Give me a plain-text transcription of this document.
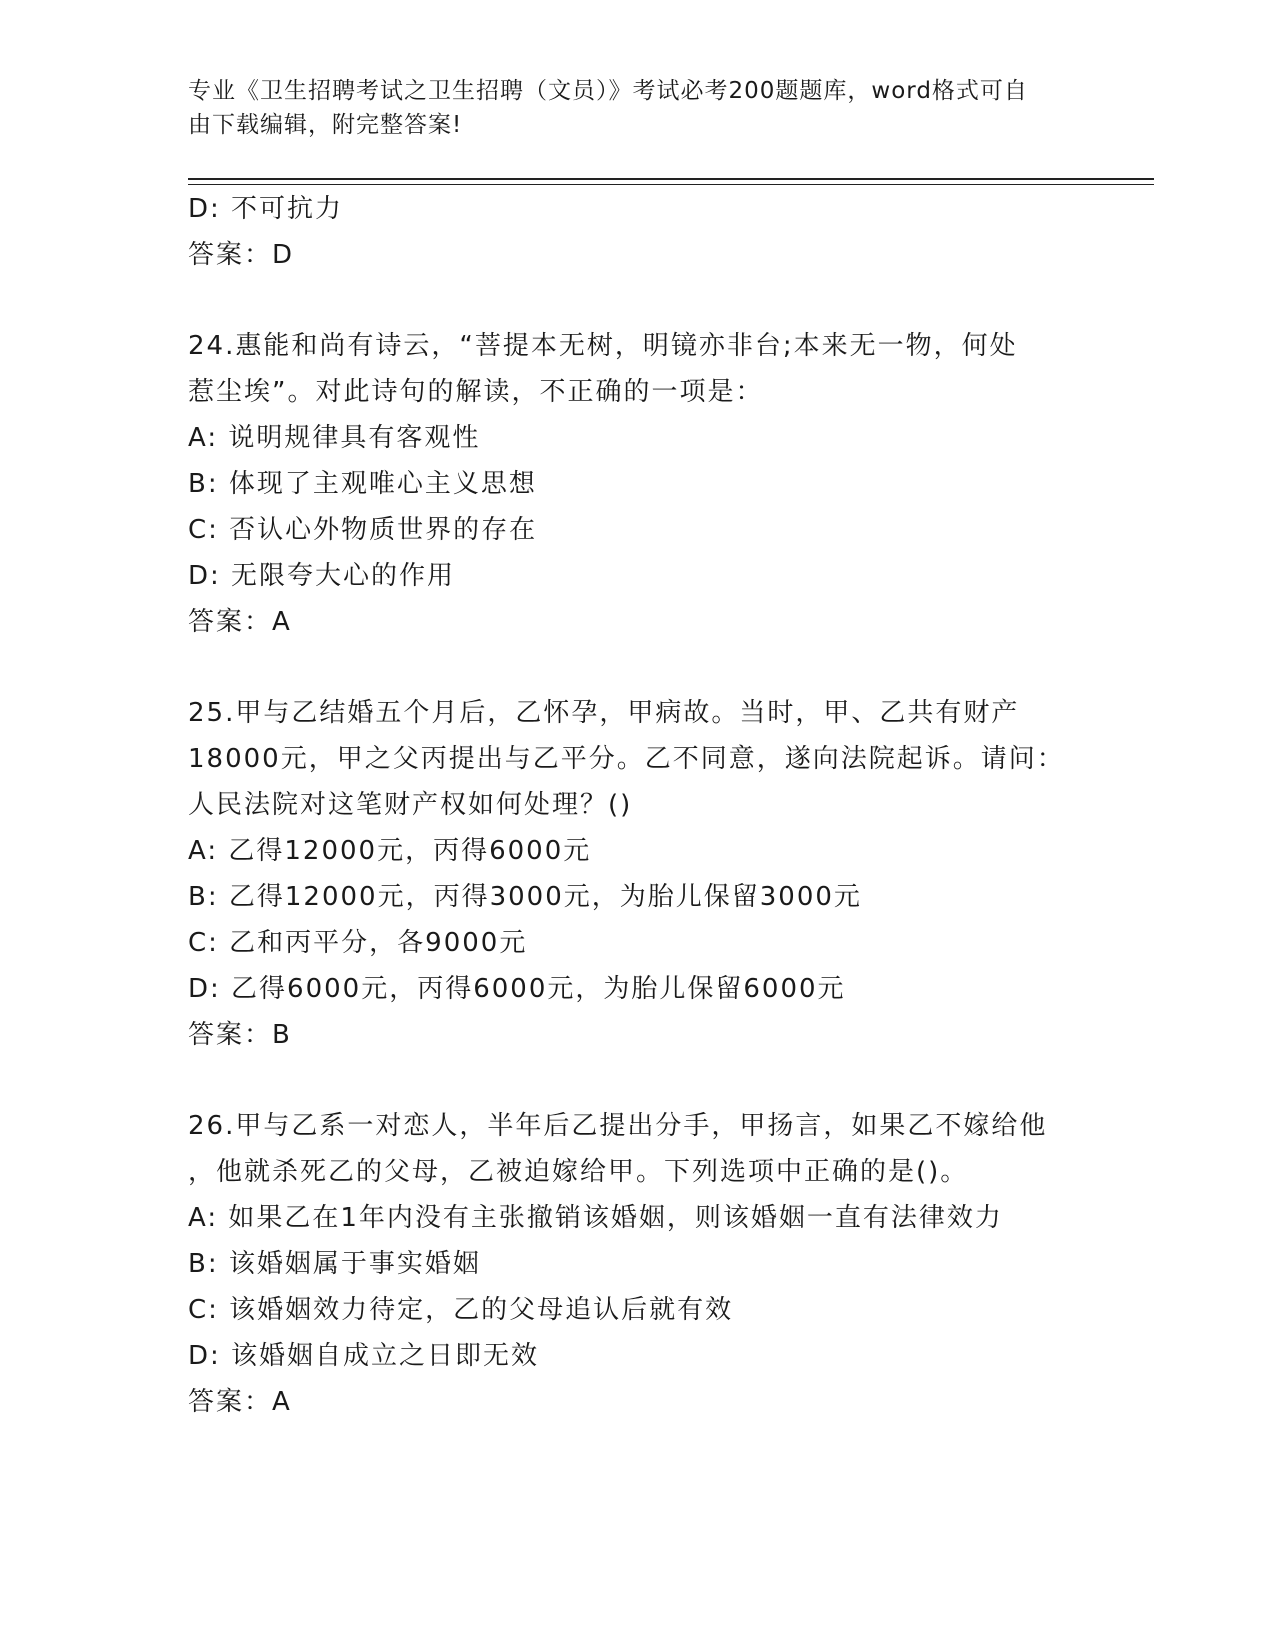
专业《卫生招聘考试之卫生招聘（文员）》考试必考200题题库，word格式可自
由下载编辑，附完整答案!
D: 不可抗力
答案：D
24.惠能和尚有诗云，“菩提本无树，明镜亦非台;本来无一物，何处
惹尘埃”。对此诗句的解读，不正确的一项是：
A: 说明规律具有客观性
B: 体现了主观唯心主义思想
C: 否认心外物质世界的存在
D: 无限夸大心的作用
答案：A
25.甲与乙结婚五个月后，乙怀孕，甲病故。当时，甲、乙共有财产
18000元，甲之父丙提出与乙平分。乙不同意，遂向法院起诉。请问：
人民法院对这笔财产权如何处理？()
A: 乙得12000元，丙得6000元
B: 乙得12000元，丙得3000元，为胎儿保留3000元
C: 乙和丙平分，各9000元
D: 乙得6000元，丙得6000元，为胎儿保留6000元
答案：B
26.甲与乙系一对恋人，半年后乙提出分手，甲扬言，如果乙不嫁给他
，他就杀死乙的父母，乙被迫嫁给甲。下列选项中正确的是()。
A: 如果乙在1年内没有主张撤销该婚姻，则该婚姻一直有法律效力
B: 该婚姻属于事实婚姻
C: 该婚姻效力待定，乙的父母追认后就有效
D: 该婚姻自成立之日即无效
答案：A
